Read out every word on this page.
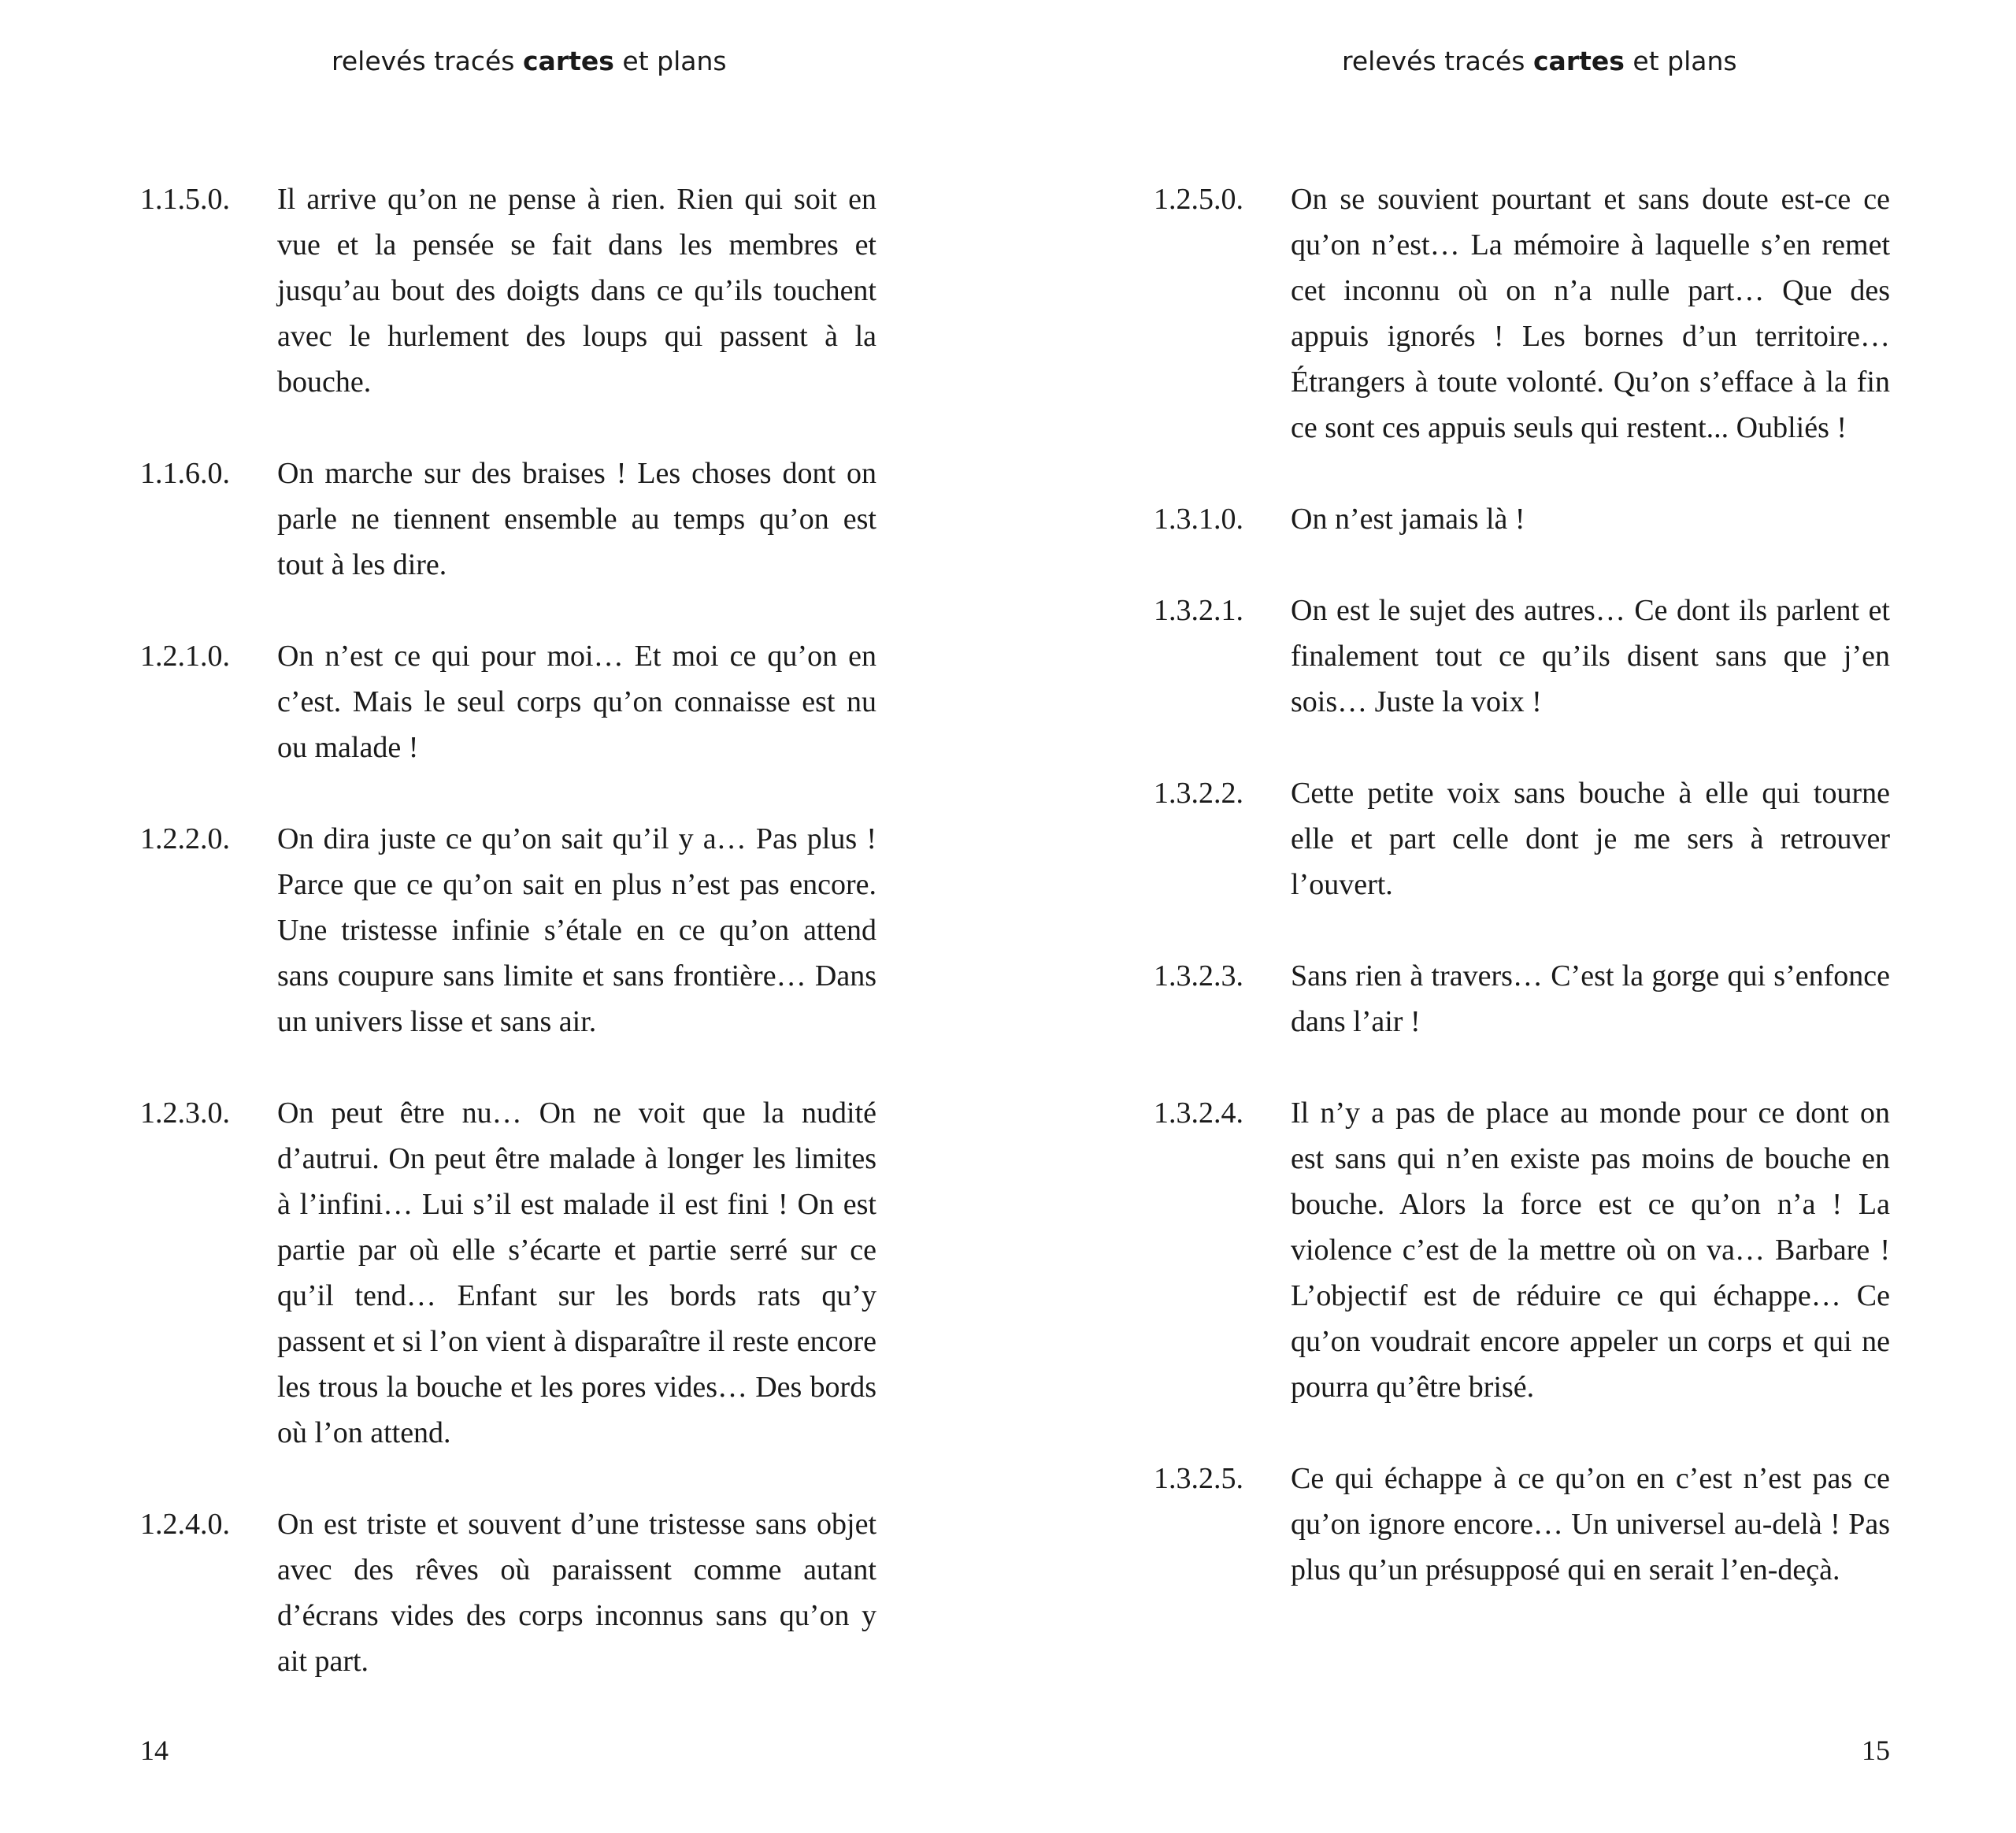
relevés tracés cartes et plans
1.1.5.0.	Il arrive qu’on ne pense à rien. Rien qui soit en vue et la pensée se fait dans les membres et jusqu’au bout des doigts dans ce qu’ils touchent avec le hurlement des loups qui passent à la bouche.
1.1.6.0.	On marche sur des braises ! Les choses dont on parle ne tiennent ensemble au temps qu’on est tout à les dire.
1.2.1.0.	On n’est ce qui pour moi… Et moi ce qu’on en c’est. Mais le seul corps qu’on connaisse est nu ou malade !
1.2.2.0.	On dira juste ce qu’on sait qu’il y a… Pas plus ! Parce que ce qu’on sait en plus n’est pas encore. Une tristesse infinie s’étale en ce qu’on attend sans coupure sans limite et sans frontière… Dans un univers lisse et sans air.
1.2.3.0.	On peut être nu… On ne voit que la nudité d’autrui. On peut être malade à longer les limites à l’infini… Lui s’il est malade il est fini ! On est partie par où elle s’écarte et partie serré sur ce qu’il tend… Enfant sur les bords rats qu’y passent et si l’on vient à disparaître il reste encore les trous la bouche et les pores vides… Des bords où l’on attend.
1.2.4.0.	On est triste et souvent d’une tristesse sans objet avec des rêves où paraissent comme autant d’écrans vides des corps inconnus sans qu’on y ait part.
14
relevés tracés cartes et plans
1.2.5.0.	On se souvient pourtant et sans doute est-ce ce qu’on n’est… La mémoire à laquelle s’en remet cet inconnu où on n’a nulle part… Que des appuis ignorés ! Les bornes d’un territoire… Étrangers à toute volonté. Qu’on s’efface à la fin ce sont ces appuis seuls qui restent... Oubliés !
1.3.1.0.	On n’est jamais là !
1.3.2.1.	On est le sujet des autres… Ce dont ils parlent et finalement tout ce qu’ils disent sans que j’en sois… Juste la voix !
1.3.2.2.	Cette petite voix sans bouche à elle qui tourne elle et part celle dont je me sers à retrouver l’ouvert.
1.3.2.3.	Sans rien à travers… C’est la gorge qui s’enfonce dans l’air !
1.3.2.4.	Il n’y a pas de place au monde pour ce dont on est sans qui n’en existe pas moins de bouche en bouche. Alors la force est ce qu’on n’a ! La violence c’est de la mettre où on va… Barbare ! L’objectif est de réduire ce qui échappe… Ce qu’on voudrait encore appeler un corps et qui ne pourra qu’être brisé.
1.3.2.5.	Ce qui échappe à ce qu’on en c’est n’est pas ce qu’on ignore encore… Un universel au-delà ! Pas plus qu’un présupposé qui en serait l’en-deçà.
15
